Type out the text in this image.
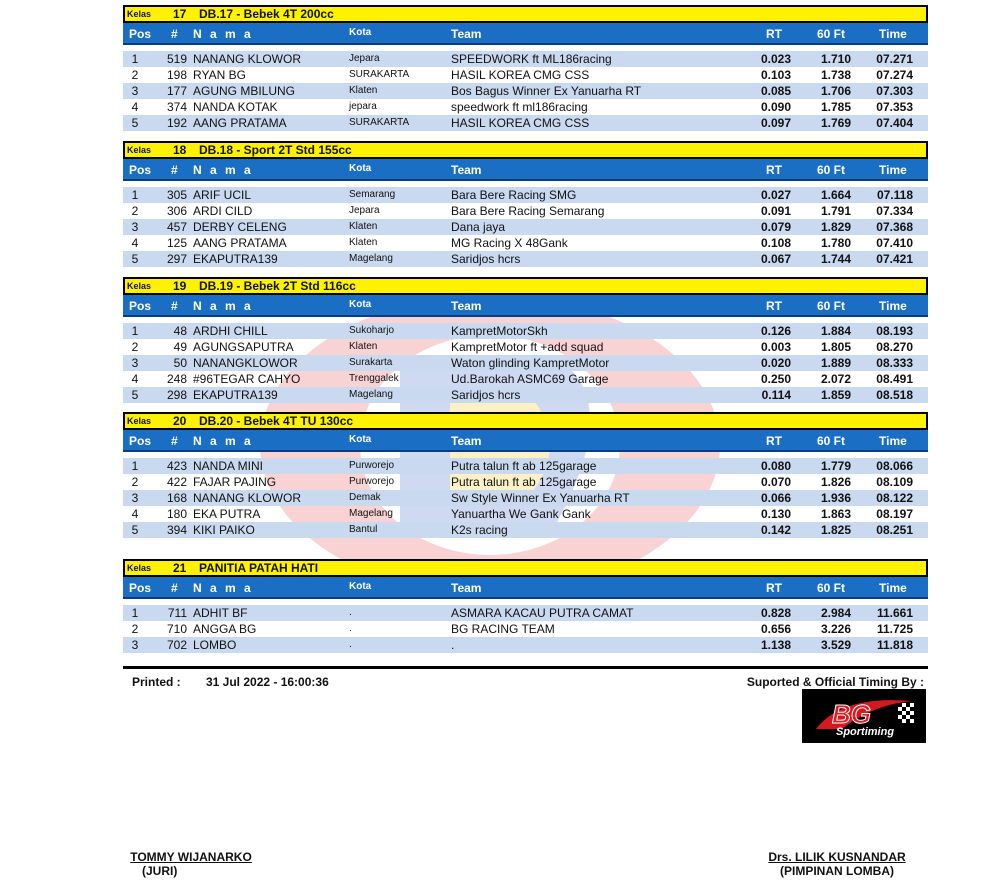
Kelas	17	DB.17 - Bebek 4T 200cc
Pos # N a m a	Kota	Team	RT	60 Ft	Time
1	519 NANANG KLOWOR	Jepara	SPEEDWORK ft ML186racing	0.023	1.710	07.271
2	198 RYAN BG	SURAKARTA	HASIL KOREA CMG CSS	0.103	1.738	07.274
3	177 AGUNG MBILUNG	Klaten	Bos Bagus Winner Ex Yanuarha RT	0.085	1.706	07.303
4	374 NANDA KOTAK	jepara	speedwork ft ml186racing	0.090	1.785	07.353
5	192 AANG PRATAMA	SURAKARTA	HASIL KOREA CMG CSS	0.097	1.769	07.404
Kelas	18	DB.18 - Sport 2T Std 155cc
Pos # N a m a	Kota	Team	RT	60 Ft	Time
1	305 ARIF UCIL	Semarang	Bara Bere Racing SMG	0.027	1.664	07.118
2	306 ARDI CILD	Jepara	Bara Bere Racing Semarang	0.091	1.791	07.334
3	457 DERBY CELENG	Klaten	Dana jaya	0.079	1.829	07.368
4	125 AANG PRATAMA	Klaten	MG Racing X 48Gank	0.108	1.780	07.410
5	297 EKAPUTRA139	Magelang	Saridjos hcrs	0.067	1.744	07.421
Kelas	19	DB.19 - Bebek 2T Std 116cc
Pos # N a m a	Kota	Team	RT	60 Ft	Time
1	48 ARDHI CHILL	Sukoharjo	KampretMotorSkh	0.126	1.884	08.193
2	49 AGUNGSAPUTRA	Klaten	KampretMotor ft +add squad	0.003	1.805	08.270
3	50 NANANGKLOWOR	Surakarta	Waton glinding KampretMotor	0.020	1.889	08.333
4	248 #96TEGAR CAHYO	Trenggalek	Ud.Barokah ASMC69 Garage	0.250	2.072	08.491
5	298 EKAPUTRA139	Magelang	Saridjos hcrs	0.114	1.859	08.518
Kelas	20	DB.20 - Bebek 4T TU 130cc
Pos # N a m a	Kota	Team	RT	60 Ft	Time
1	423 NANDA MINI	Purworejo	Putra talun ft ab 125garage	0.080	1.779	08.066
2	422 FAJAR PAJING	Purworejo	Putra talun ft ab 125garage	0.070	1.826	08.109
3	168 NANANG KLOWOR	Demak	Sw Style Winner Ex Yanuarha RT	0.066	1.936	08.122
4	180 EKA PUTRA	Magelang	Yanuartha We Gank Gank	0.130	1.863	08.197
5	394 KIKI PAIKO	Bantul	K2s racing	0.142	1.825	08.251
Kelas	21	PANITIA PATAH HATI
Pos # N a m a	Kota	Team	RT	60 Ft	Time
1	711 ADHIT BF	.	ASMARA KACAU PUTRA CAMAT	0.828	2.984	11.661
2	710 ANGGA BG	.	BG RACING TEAM	0.656	3.226	11.725
3	702 LOMBO	.	.	1.138	3.529	11.818
Printed : 31 Jul 2022 - 16:00:36	Suported & Official Timing By :
BG
Sportiming
TOMMY WIJANARKO
(JURI)
Drs. LILIK KUSNANDAR
(PIMPINAN LOMBA)
